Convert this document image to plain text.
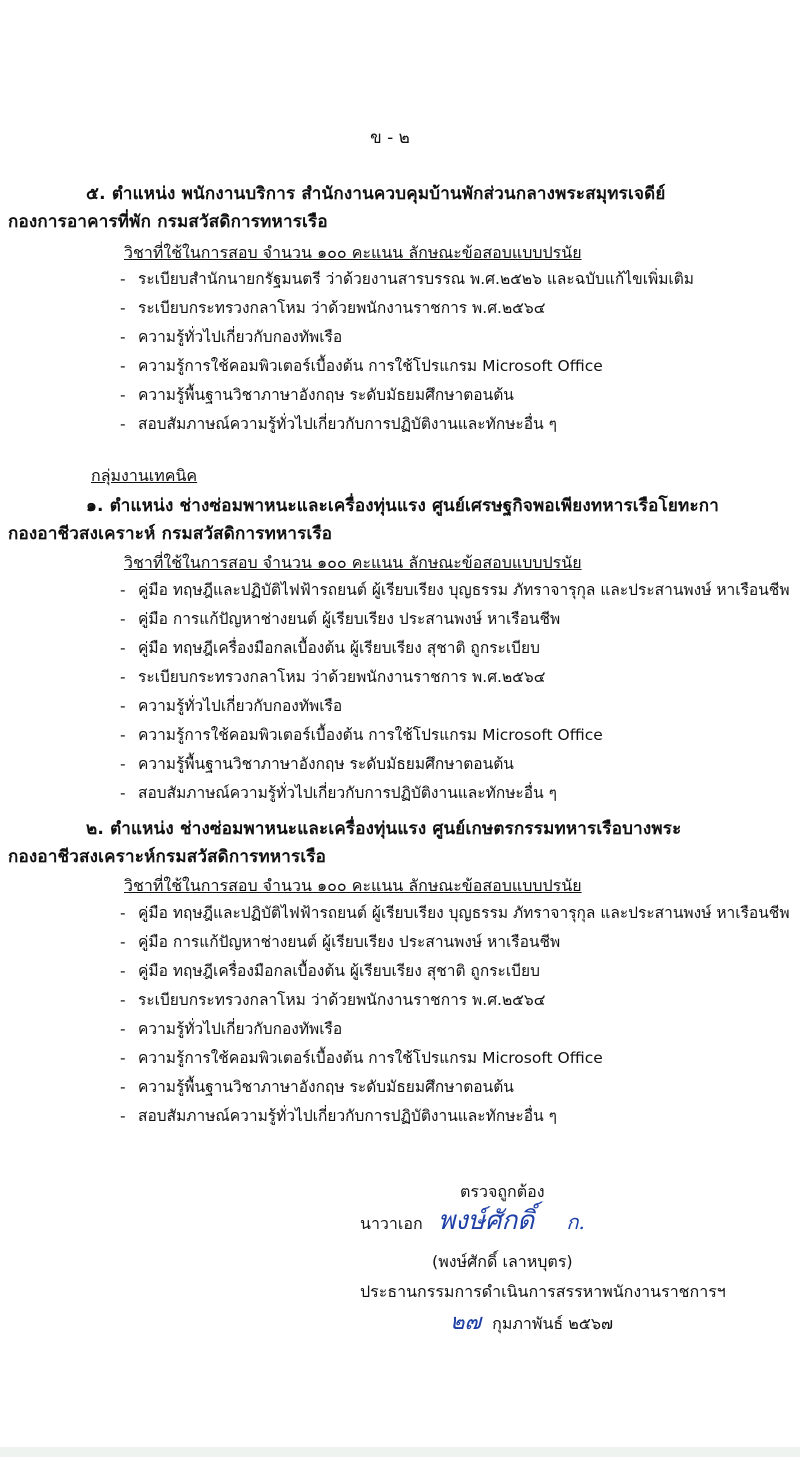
ข - ๒
๕. ตำแหน่ง พนักงานบริการ สำนักงานควบคุมบ้านพักส่วนกลางพระสมุทรเจดีย์
กองการอาคารที่พัก กรมสวัสดิการทหารเรือ
วิชาที่ใช้ในการสอบ จำนวน ๑๐๐ คะแนน ลักษณะข้อสอบแบบปรนัย
- ระเบียบสำนักนายกรัฐมนตรี ว่าด้วยงานสารบรรณ พ.ศ.๒๕๒๖ และฉบับแก้ไขเพิ่มเติม
- ระเบียบกระทรวงกลาโหม ว่าด้วยพนักงานราชการ พ.ศ.๒๕๖๔
- ความรู้ทั่วไปเกี่ยวกับกองทัพเรือ
- ความรู้การใช้คอมพิวเตอร์เบื้องต้น การใช้โปรแกรม Microsoft Office
- ความรู้พื้นฐานวิชาภาษาอังกฤษ ระดับมัธยมศึกษาตอนต้น
- สอบสัมภาษณ์ความรู้ทั่วไปเกี่ยวกับการปฏิบัติงานและทักษะอื่น ๆ
กลุ่มงานเทคนิค
๑. ตำแหน่ง ช่างซ่อมพาหนะและเครื่องทุ่นแรง ศูนย์เศรษฐกิจพอเพียงทหารเรือโยทะกา
กองอาชีวสงเคราะห์ กรมสวัสดิการทหารเรือ
วิชาที่ใช้ในการสอบ จำนวน ๑๐๐ คะแนน ลักษณะข้อสอบแบบปรนัย
- คู่มือ ทฤษฎีและปฏิบัติไฟฟ้ารถยนต์ ผู้เรียบเรียง บุญธรรม ภัทราจารุกุล และประสานพงษ์ หาเรือนชีพ
- คู่มือ การแก้ปัญหาช่างยนต์ ผู้เรียบเรียง ประสานพงษ์ หาเรือนชีพ
- คู่มือ ทฤษฎีเครื่องมือกลเบื้องต้น ผู้เรียบเรียง สุชาติ ถูกระเบียบ
- ระเบียบกระทรวงกลาโหม ว่าด้วยพนักงานราชการ พ.ศ.๒๕๖๔
- ความรู้ทั่วไปเกี่ยวกับกองทัพเรือ
- ความรู้การใช้คอมพิวเตอร์เบื้องต้น การใช้โปรแกรม Microsoft Office
- ความรู้พื้นฐานวิชาภาษาอังกฤษ ระดับมัธยมศึกษาตอนต้น
- สอบสัมภาษณ์ความรู้ทั่วไปเกี่ยวกับการปฏิบัติงานและทักษะอื่น ๆ
๒. ตำแหน่ง ช่างซ่อมพาหนะและเครื่องทุ่นแรง ศูนย์เกษตรกรรมทหารเรือบางพระ
กองอาชีวสงเคราะห์กรมสวัสดิการทหารเรือ
วิชาที่ใช้ในการสอบ จำนวน ๑๐๐ คะแนน ลักษณะข้อสอบแบบปรนัย
- คู่มือ ทฤษฎีและปฏิบัติไฟฟ้ารถยนต์ ผู้เรียบเรียง บุญธรรม ภัทราจารุกุล และประสานพงษ์ หาเรือนชีพ
- คู่มือ การแก้ปัญหาช่างยนต์ ผู้เรียบเรียง ประสานพงษ์ หาเรือนชีพ
- คู่มือ ทฤษฎีเครื่องมือกลเบื้องต้น ผู้เรียบเรียง สุชาติ ถูกระเบียบ
- ระเบียบกระทรวงกลาโหม ว่าด้วยพนักงานราชการ พ.ศ.๒๕๖๔
- ความรู้ทั่วไปเกี่ยวกับกองทัพเรือ
- ความรู้การใช้คอมพิวเตอร์เบื้องต้น การใช้โปรแกรม Microsoft Office
- ความรู้พื้นฐานวิชาภาษาอังกฤษ ระดับมัธยมศึกษาตอนต้น
- สอบสัมภาษณ์ความรู้ทั่วไปเกี่ยวกับการปฏิบัติงานและทักษะอื่น ๆ
ตรวจถูกต้อง
นาวาเอก พงษ์ศักดิ์ ก.
(พงษ์ศักดิ์ เลาหบุตร)
ประธานกรรมการดำเนินการสรรหาพนักงานราชการฯ
๒๗ กุมภาพันธ์ ๒๕๖๗
